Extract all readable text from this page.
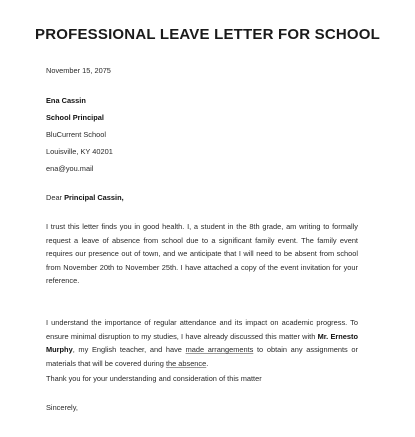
PROFESSIONAL LEAVE LETTER FOR SCHOOL
November 15, 2075
Ena Cassin
School Principal
BluCurrent School
Louisville, KY 40201
ena@you.mail
Dear Principal Cassin,
I trust this letter finds you in good health. I, a student in the 8th grade, am writing to formally request a leave of absence from school due to a significant family event. The family event requires our presence out of town, and we anticipate that I will need to be absent from school from November 20th to November 25th. I have attached a copy of the event invitation for your reference.
I understand the importance of regular attendance and its impact on academic progress. To ensure minimal disruption to my studies, I have already discussed this matter with Mr. Ernesto Murphy, my English teacher, and have made arrangements to obtain any assignments or materials that will be covered during the absence.
Thank you for your understanding and consideration of this matter
Sincerely,
